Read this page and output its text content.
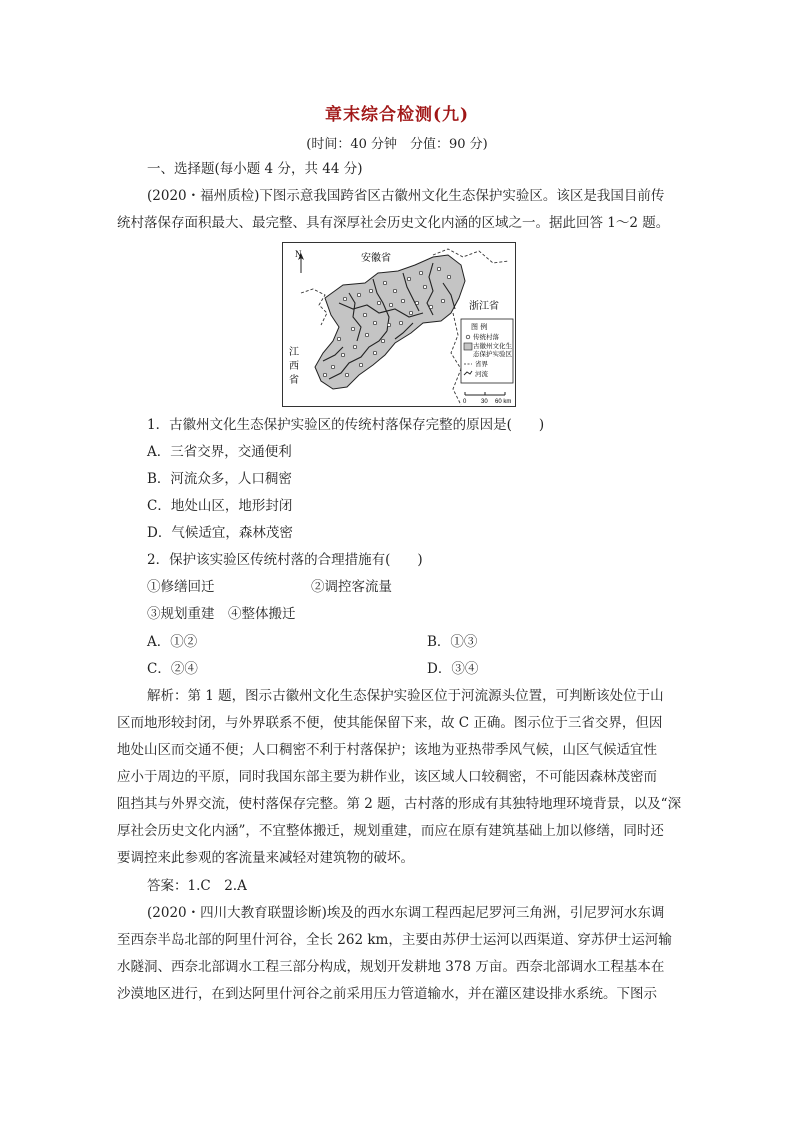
章末综合检测(九)
(时间：40 分钟　分值：90 分)
一、选择题(每小题 4 分，共 44 分)
(2020・福州质检)下图示意我国跨省区古徽州文化生态保护实验区。该区是我国目前传
统村落保存面积最大、最完整、具有深厚社会历史文化内涵的区域之一。据此回答 1～2 题。
N	安徽省
浙江省
江
西
省
图 例
传统村落
古徽州文化生
态保护实验区
省界
河流
0 30 60 km
1．古徽州文化生态保护实验区的传统村落保存完整的原因是(　　)
A．三省交界，交通便利
B．河流众多，人口稠密
C．地处山区，地形封闭
D．气候适宜，森林茂密
2．保护该实验区传统村落的合理措施有(　　)
①修缮回迁	②调控客流量
③规划重建　④整体搬迁
A．①②	B．①③
C．②④	D．③④
解析：第 1 题，图示古徽州文化生态保护实验区位于河流源头位置，可判断该处位于山
区而地形较封闭，与外界联系不便，使其能保留下来，故 C 正确。图示位于三省交界，但因
地处山区而交通不便；人口稠密不利于村落保护；该地为亚热带季风气候，山区气候适宜性
应小于周边的平原，同时我国东部主要为耕作业，该区域人口较稠密，不可能因森林茂密而
阻挡其与外界交流，使村落保存完整。第 2 题，古村落的形成有其独特地理环境背景，以及“深
厚社会历史文化内涵”，不宜整体搬迁，规划重建，而应在原有建筑基础上加以修缮，同时还
要调控来此参观的客流量来减轻对建筑物的破坏。
答案：1.C　2.A
(2020・四川大教育联盟诊断)埃及的西水东调工程西起尼罗河三角洲，引尼罗河水东调
至西奈半岛北部的阿里什河谷，全长 262 km，主要由苏伊士运河以西渠道、穿苏伊士运河输
水隧洞、西奈北部调水工程三部分构成，规划开发耕地 378 万亩。西奈北部调水工程基本在
沙漠地区进行，在到达阿里什河谷之前采用压力管道输水，并在灌区建设排水系统。下图示
